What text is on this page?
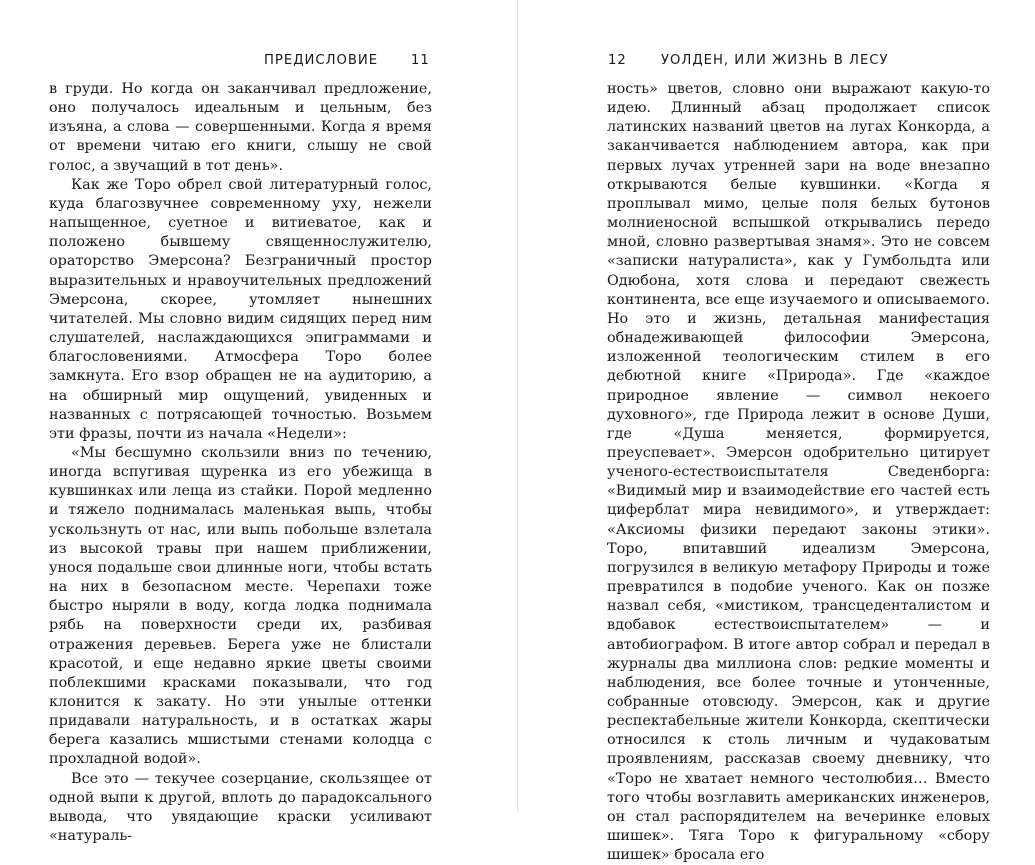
ПРЕДИСЛОВИЕ 11

в груди. Но когда он заканчивал предложение, оно получалось идеальным и цельным, без изъяна, а слова — совершенными. Когда я время от времени читаю его книги, слышу не свой голос, а звучащий в тот день».

Как же Торо обрел свой литературный голос, куда благозвучнее современному уху, нежели напыщенное, суетное и витиеватое, как и положено бывшему священнослужителю, ораторство Эмерсона? Безграничный простор выразительных и нравоучительных предложений Эмерсона, скорее, утомляет нынешних читателей. Мы словно видим сидящих перед ним слушателей, наслаждающихся эпиграммами и благословениями. Атмосфера Торо более замкнута. Его взор обращен не на аудиторию, а на обширный мир ощущений, увиденных и названных с потрясающей точностью. Возьмем эти фразы, почти из начала «Недели»:

«Мы бесшумно скользили вниз по течению, иногда вспугивая щуренка из его убежища в кувшинках или леща из стайки. Порой медленно и тяжело поднималась маленькая выпь, чтобы ускользнуть от нас, или выпь побольше взлетала из высокой травы при нашем приближении, унося подальше свои длинные ноги, чтобы встать на них в безопасном месте. Черепахи тоже быстро ныряли в воду, когда лодка поднимала рябь на поверхности среди их, разбивая отражения деревьев. Берега уже не блистали красотой, и еще недавно яркие цветы своими поблекшими красками показывали, что год клонится к закату. Но эти унылые оттенки придавали натуральность, и в остатках жары берега казались мшистыми стенами колодца с прохладной водой».

Все это — текучее созерцание, скользящее от одной выпи к другой, вплоть до парадоксального вывода, что увядающие краски усиливают «натураль-

12	УОЛДЕН, ИЛИ ЖИЗНЬ В ЛЕСУ

ность» цветов, словно они выражают какую-то идею. Длинный абзац продолжает список латинских названий цветов на лугах Конкорда, а заканчивается наблюдением автора, как при первых лучах утренней зари на воде внезапно открываются белые кувшинки. «Когда я проплывал мимо, целые поля белых бутонов молниеносной вспышкой открывались передо мной, словно развертывая знамя». Это не совсем «записки натуралиста», как у Гумбольдта или Одюбона, хотя слова и передают свежесть континента, все еще изучаемого и описываемого. Но это и жизнь, детальная манифестация обнадеживающей философии Эмерсона, изложенной теологическим стилем в его дебютной книге «Природа». Где «каждое природное явление — символ некоего духовного», где Природа лежит в основе Души, где «Душа меняется, формируется, преуспевает». Эмерсон одобрительно цитирует ученого-естествоиспытателя Сведенборга: «Видимый мир и взаимодействие его частей есть циферблат мира невидимого», и утверждает: «Аксиомы физики передают законы этики». Торо, впитавший идеализм Эмерсона, погрузился в великую метафору Природы и тоже превратился в подобие ученого. Как он позже назвал себя, «мистиком, трансцеденталистом и вдобавок естествоиспытателем» — и автобиографом. В итоге автор собрал и передал в журналы два миллиона слов: редкие моменты и наблюдения, все более точные и утонченные, собранные отовсюду. Эмерсон, как и другие респектабельные жители Конкорда, скептически относился к столь личным и чудаковатым проявлениям, рассказав своему дневнику, что «Торо не хватает немного честолюбия… Вместо того чтобы возглавить американских инженеров, он стал распорядителем на вечеринке еловых шишек». Тяга Торо к фигуральному «сбору шишек» бросала его
